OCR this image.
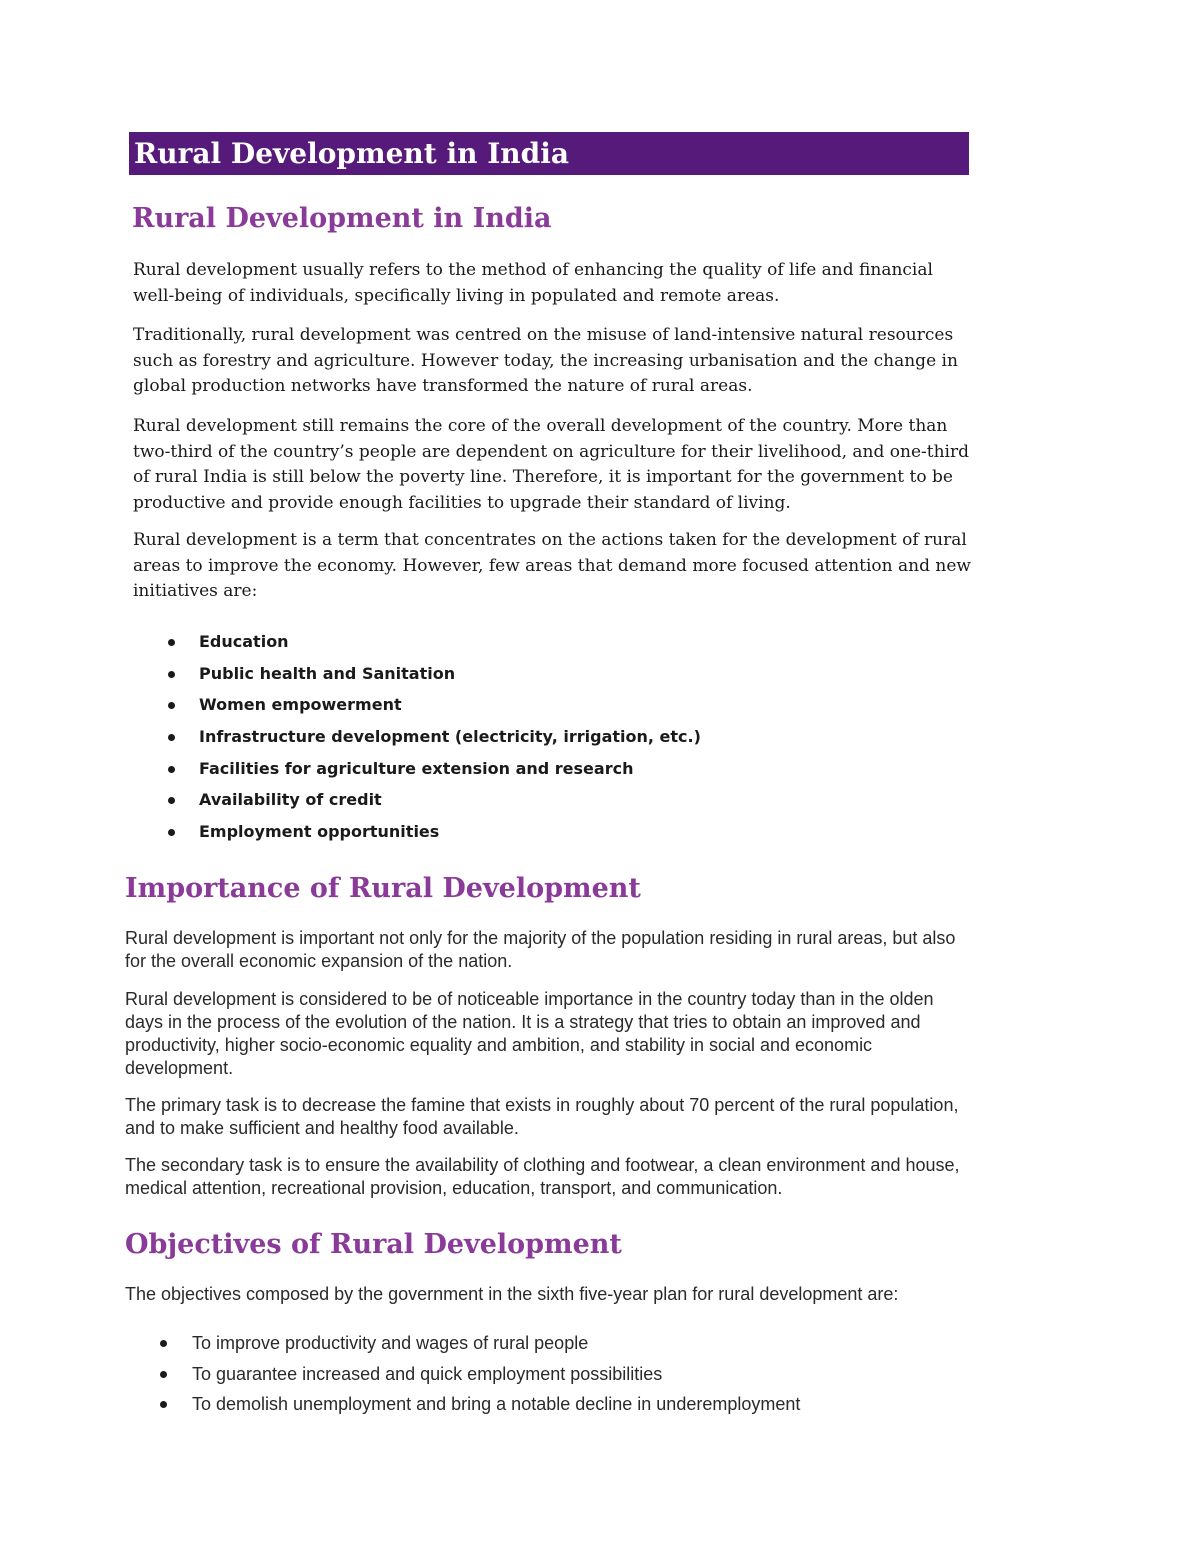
Rural Development in India
Rural Development in India

Rural development usually refers to the method of enhancing the quality of life and financial well-being of individuals, specifically living in populated and remote areas.

Traditionally, rural development was centred on the misuse of land-intensive natural resources such as forestry and agriculture. However today, the increasing urbanisation and the change in global production networks have transformed the nature of rural areas.

Rural development still remains the core of the overall development of the country. More than two-third of the country’s people are dependent on agriculture for their livelihood, and one-third of rural India is still below the poverty line. Therefore, it is important for the government to be productive and provide enough facilities to upgrade their standard of living.

Rural development is a term that concentrates on the actions taken for the development of rural areas to improve the economy. However, few areas that demand more focused attention and new initiatives are:

Education
Public health and Sanitation
Women empowerment
Infrastructure development (electricity, irrigation, etc.)
Facilities for agriculture extension and research
Availability of credit
Employment opportunities
Importance of Rural Development

Rural development is important not only for the majority of the population residing in rural areas, but also for the overall economic expansion of the nation.

Rural development is considered to be of noticeable importance in the country today than in the olden days in the process of the evolution of the nation. It is a strategy that tries to obtain an improved and productivity, higher socio-economic equality and ambition, and stability in social and economic development.

The primary task is to decrease the famine that exists in roughly about 70 percent of the rural population, and to make sufficient and healthy food available.

The secondary task is to ensure the availability of clothing and footwear, a clean environment and house, medical attention, recreational provision, education, transport, and communication.

Objectives of Rural Development

The objectives composed by the government in the sixth five-year plan for rural development are:

To improve productivity and wages of rural people
To guarantee increased and quick employment possibilities
To demolish unemployment and bring a notable decline in underemployment
